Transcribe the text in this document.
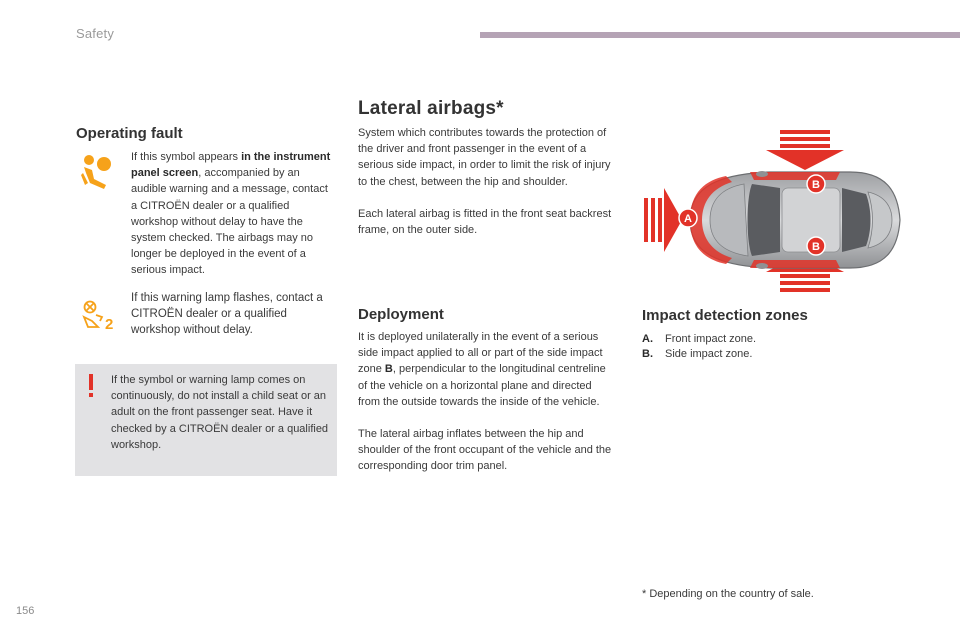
Safety
Operating fault
If this symbol appears in the instrument panel screen, accompanied by an audible warning and a message, contact a CITROËN dealer or a qualified workshop without delay to have the system checked. The airbags may no longer be deployed in the event of a serious impact.
2
If this warning lamp flashes, contact a CITROËN dealer or a qualified workshop without delay.
If the symbol or warning lamp comes on continuously, do not install a child seat or an adult on the front passenger seat. Have it checked by a CITROËN dealer or a qualified workshop.
Lateral airbags*
System which contributes towards the protection of the driver and front passenger in the event of a serious side impact, in order to limit the risk of injury to the chest, between the hip and shoulder.
Each lateral airbag is fitted in the front seat backrest frame, on the outer side.
Deployment
It is deployed unilaterally in the event of a serious side impact applied to all or part of the side impact zone B, perpendicular to the longitudinal centreline of the vehicle on a horizontal plane and directed from the outside towards the inside of the vehicle.
The lateral airbag inflates between the hip and shoulder of the front occupant of the vehicle and the corresponding door trim panel.
A
B
B
Impact detection zones
A. Front impact zone.
B. Side impact zone.
* Depending on the country of sale.
156
